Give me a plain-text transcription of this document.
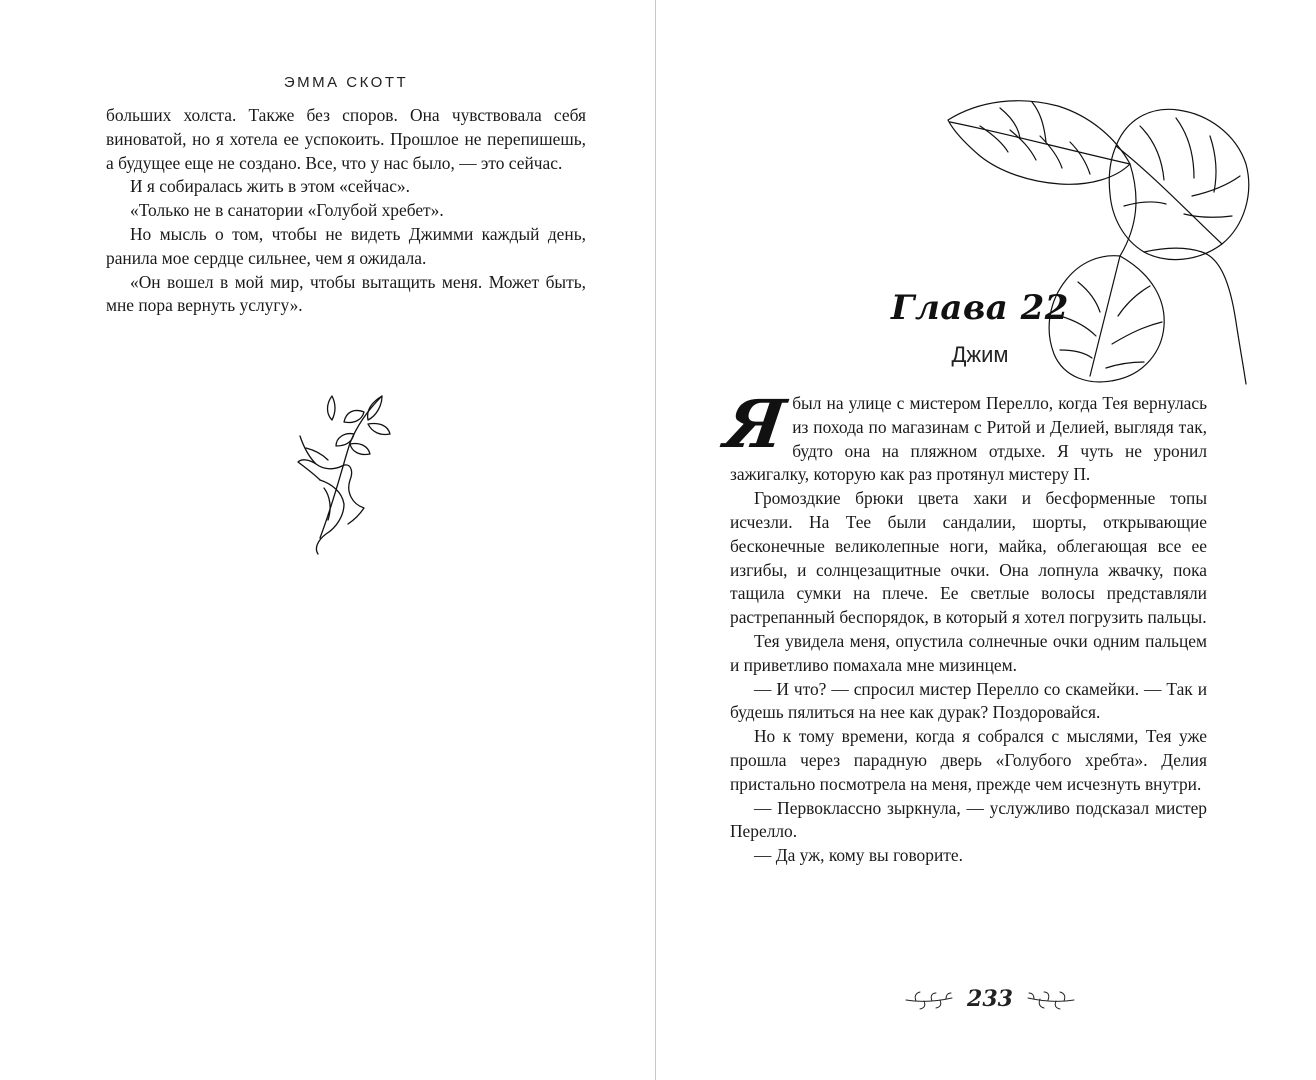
ЭММА СКОТТ

больших холста. Также без споров. Она чувствовала себя виноватой, но я хотела ее успокоить. Прошлое не перепишешь, а будущее еще не создано. Все, что у нас было, — это сейчас.

И я собиралась жить в этом «сейчас».

«Только не в санатории «Голубой хребет».

Но мысль о том, чтобы не видеть Джимми каждый день, ранила мое сердце сильнее, чем я ожидала.

«Он вошел в мой мир, чтобы вытащить меня. Может быть, мне пора вернуть услугу».	Глава 22
Джим

Ябыл на улице с мистером Перелло, когда Тея вернулась из похода по магазинам с Ритой и Делией, выглядя так, будто она на пляжном отдыхе. Я чуть не уронил зажигалку, которую как раз протянул мистеру П.

Громоздкие брюки цвета хаки и бесформенные топы исчезли. На Тее были сандалии, шорты, открывающие бесконечные великолепные ноги, майка, облегающая все ее изгибы, и солнцезащитные очки. Она лопнула жвачку, пока тащила сумки на плече. Ее светлые волосы представляли растрепанный беспорядок, в который я хотел погрузить пальцы.

Тея увидела меня, опустила солнечные очки одним пальцем и приветливо помахала мне мизинцем.

— И что? — спросил мистер Перелло со скамейки. — Так и будешь пялиться на нее как дурак? Поздоровайся.

Но к тому времени, когда я собрался с мыслями, Тея уже прошла через парадную дверь «Голубого хребта». Делия пристально посмотрела на меня, прежде чем исчезнуть внутри.

— Первоклассно зыркнула, — услужливо подсказал мистер Перелло.

— Да уж, кому вы говорите.

233
